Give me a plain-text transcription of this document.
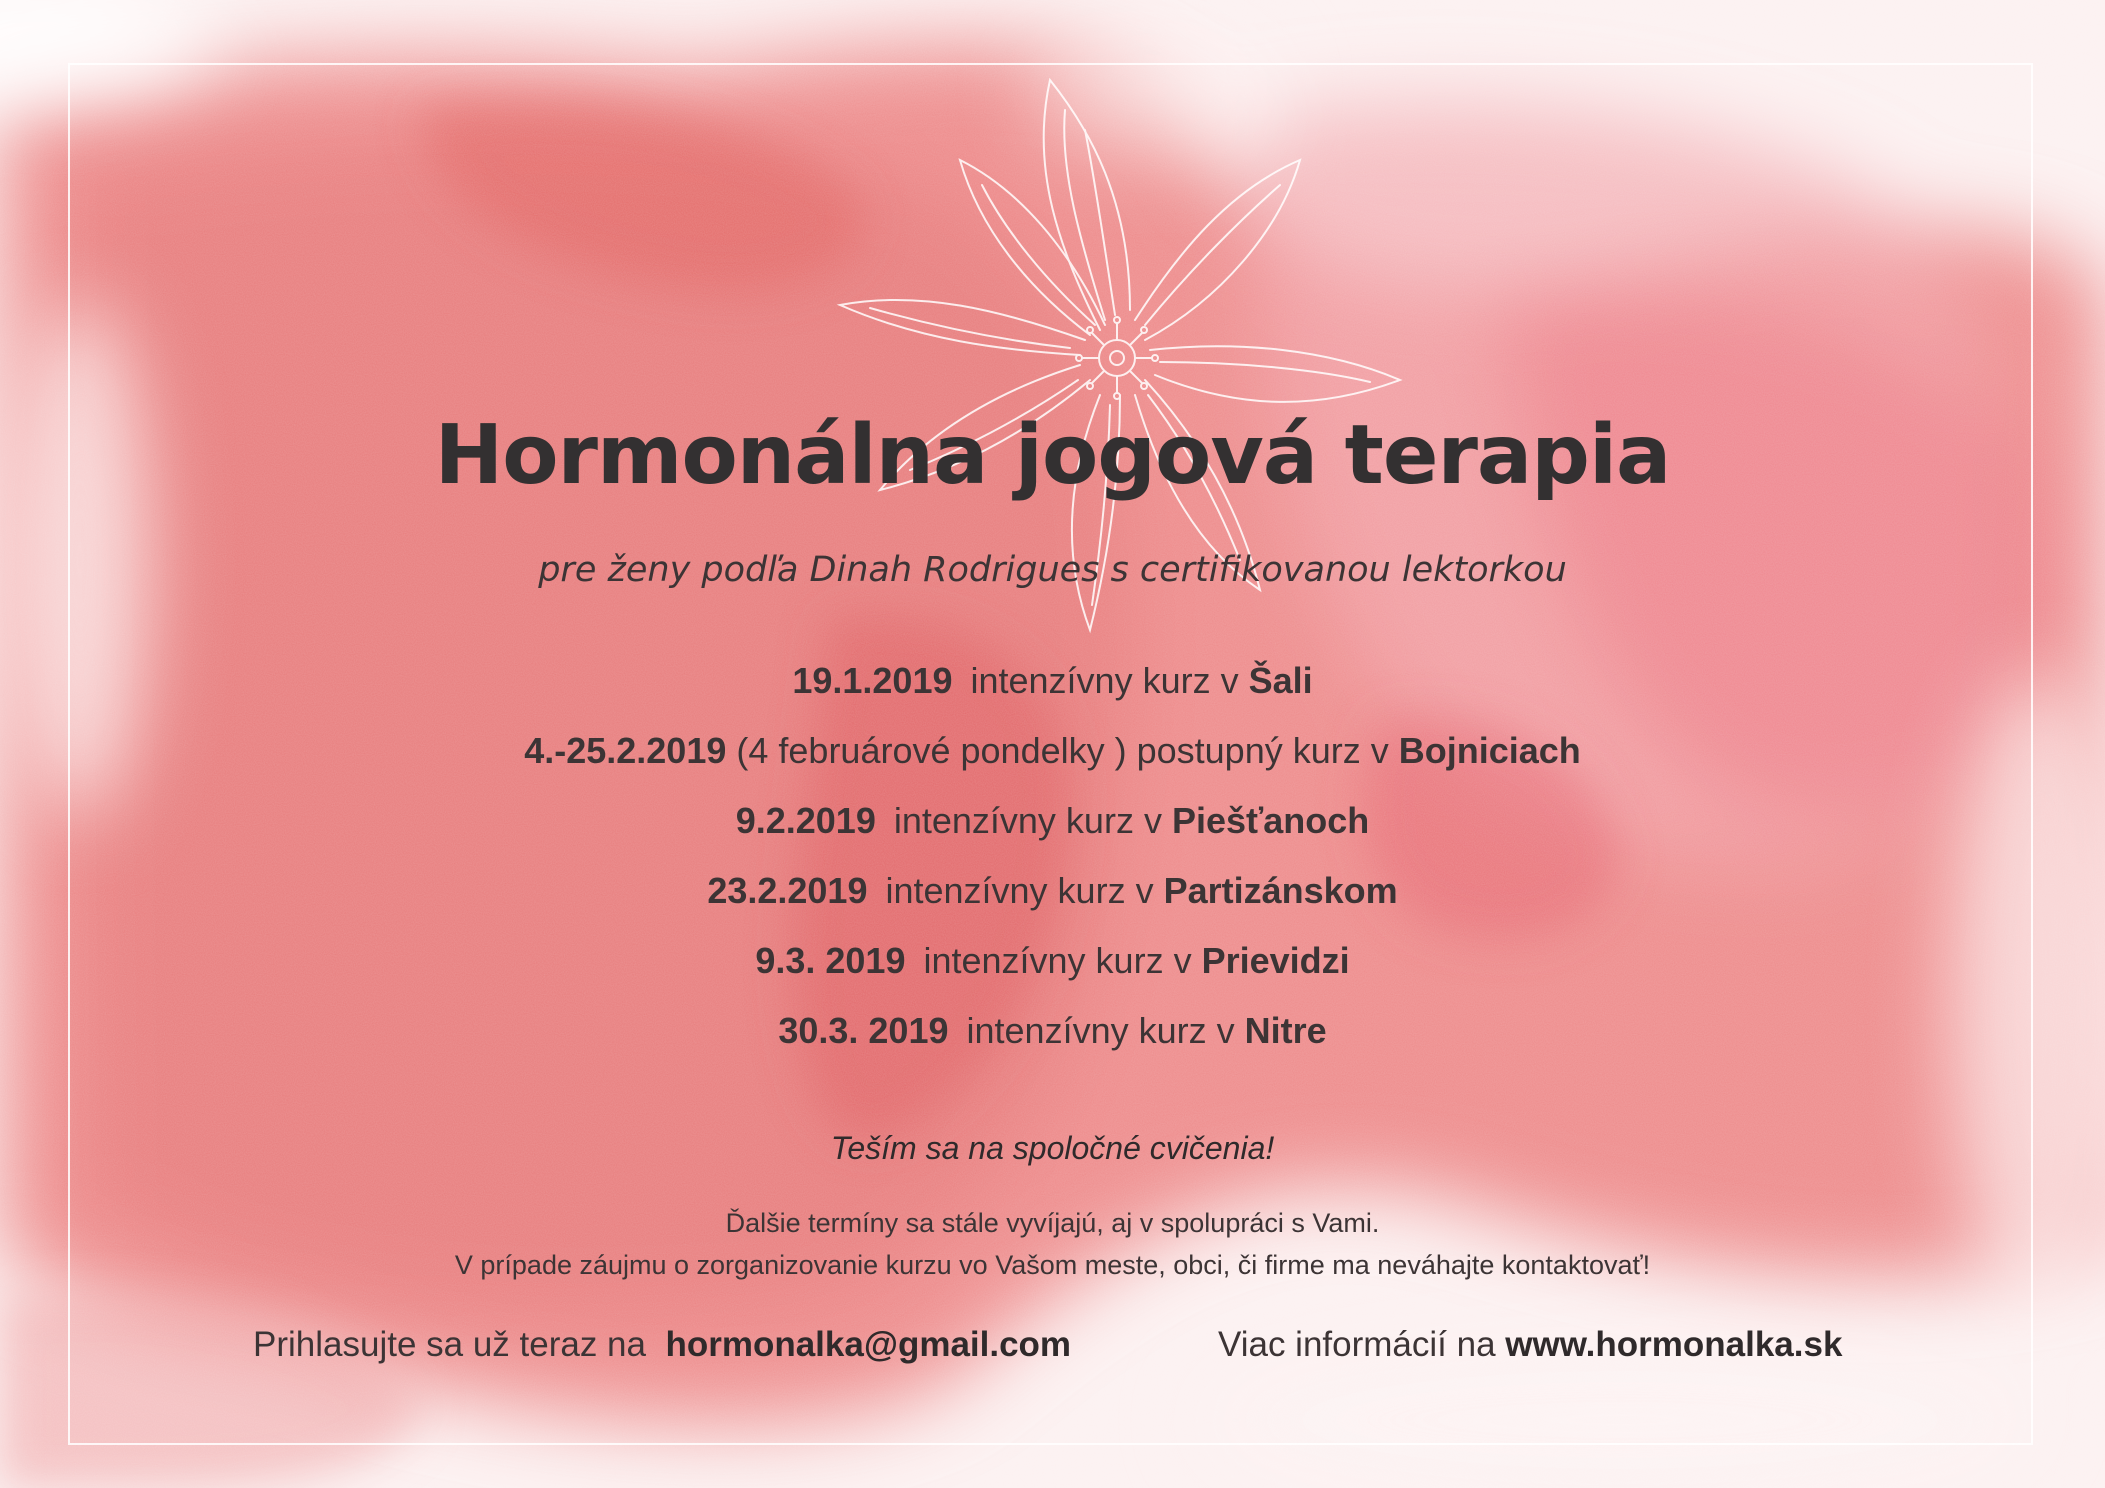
Hormonálna jogová terapia

pre ženy podľa Dinah Rodrigues s certifikovanou lektorkou

19.1.2019 intenzívny kurz v Šali
4.-25.2.2019 (4 februárové pondelky ) postupný kurz v Bojniciach
9.2.2019 intenzívny kurz v Piešťanoch
23.2.2019 intenzívny kurz v Partizánskom
9.3. 2019 intenzívny kurz v Prievidzi
30.3. 2019 intenzívny kurz v Nitre
Teším sa na spoločné cvičenia!
Ďalšie termíny sa stále vyvíjajú, aj v spolupráci s Vami.
V prípade záujmu o zorganizovanie kurzu vo Vašom meste, obci, či firme ma neváhajte kontaktovať!
Prihlasujte sa už teraz na hormonalka@gmail.com	Viac informácií na www.hormonalka.sk
